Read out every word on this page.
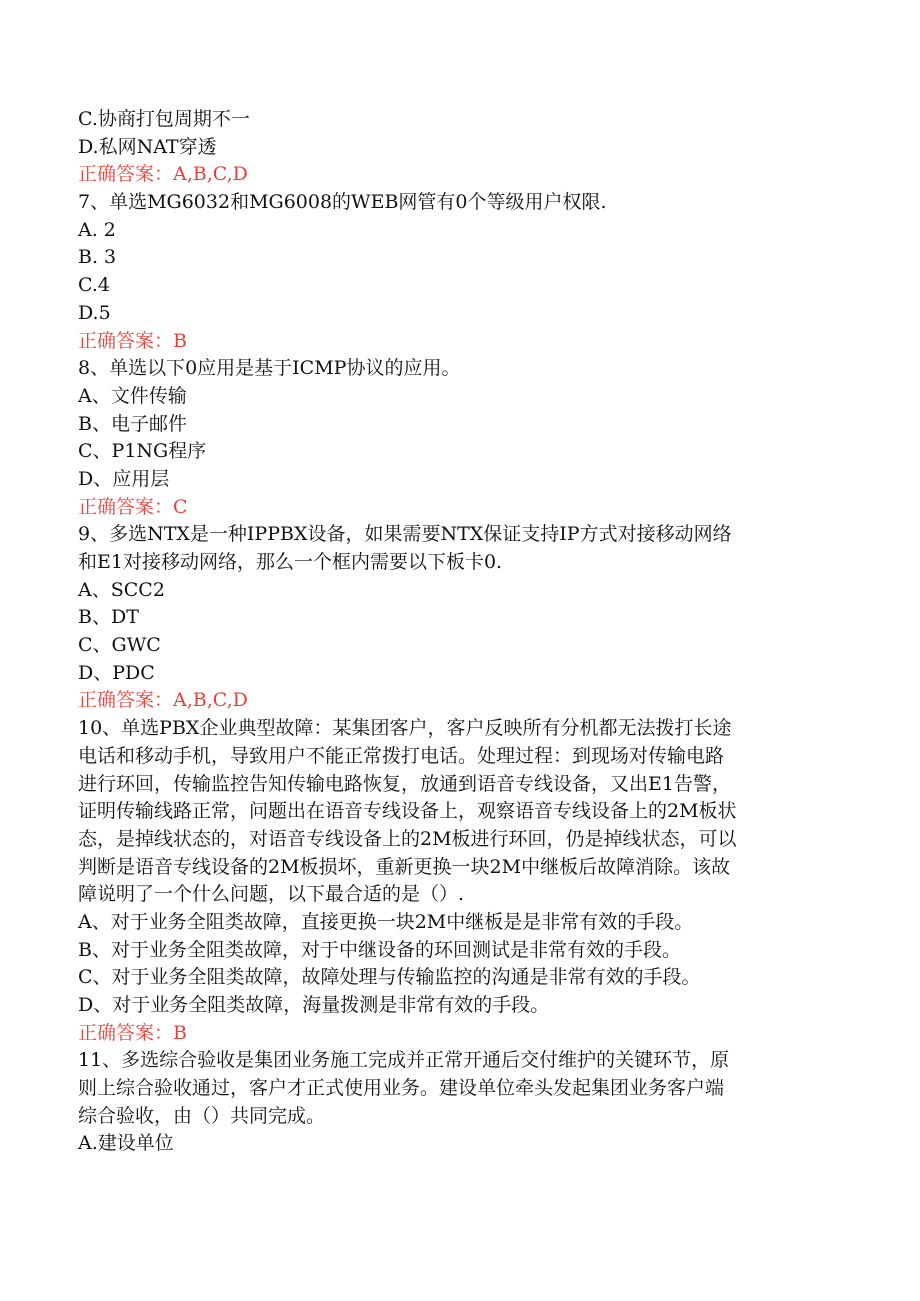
C.协商打包周期不一
D.私网NAT穿透
正确答案：A,B,C,D
7、单选MG6032和MG6008的WEB网管有0个等级用户权限.
A. 2
B. 3
C.4
D.5
正确答案：B
8、单选以下0应用是基于ICMP协议的应用。
A、文件传输
B、电子邮件
C、P1NG程序
D、应用层
正确答案：C
9、多选NTX是一种IPPBX设备，如果需要NTX保证支持IP方式对接移动网络
和E1对接移动网络，那么一个框内需要以下板卡0.
A、SCC2
B、DT
C、GWC
D、PDC
正确答案：A,B,C,D
10、单选PBX企业典型故障：某集团客户，客户反映所有分机都无法拨打长途
电话和移动手机，导致用户不能正常拨打电话。处理过程：到现场对传输电路
进行环回，传输监控告知传输电路恢复，放通到语音专线设备，又出E1告警，
证明传输线路正常，问题出在语音专线设备上，观察语音专线设备上的2M板状
态，是掉线状态的，对语音专线设备上的2M板进行环回，仍是掉线状态，可以
判断是语音专线设备的2M板损坏，重新更换一块2M中继板后故障消除。该故
障说明了一个什么问题，以下最合适的是（）.
A、对于业务全阻类故障，直接更换一块2M中继板是是非常有效的手段。
B、对于业务全阻类故障，对于中继设备的环回测试是非常有效的手段。
C、对于业务全阻类故障，故障处理与传输监控的沟通是非常有效的手段。
D、对于业务全阻类故障，海量拨测是非常有效的手段。
正确答案：B
11、多选综合验收是集团业务施工完成并正常开通后交付维护的关键环节，原
则上综合验收通过，客户才正式使用业务。建设单位牵头发起集团业务客户端
综合验收，由（）共同完成。
A.建设单位
